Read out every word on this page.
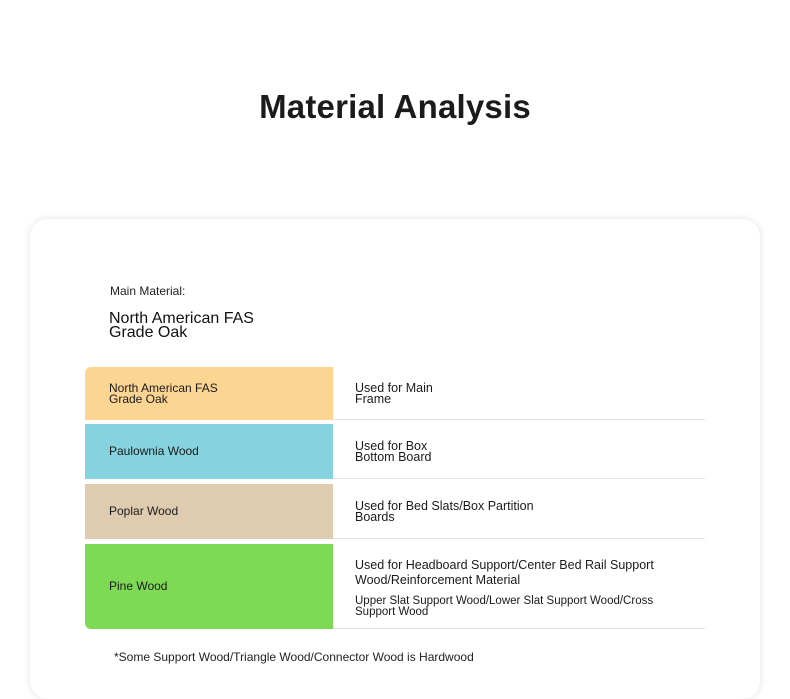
Material Analysis
Main Material:
North American FAS
Grade Oak
North American FAS
Grade Oak
Used for Main
Frame
Paulownia Wood	Used for Box
Bottom Board
Poplar Wood	Used for Bed Slats/Box Partition
Boards
Pine Wood
Used for Headboard Support/Center Bed Rail Support
Wood/Reinforcement Material
Upper Slat Support Wood/Lower Slat Support Wood/Cross
Support Wood
*Some Support Wood/Triangle Wood/Connector Wood is Hardwood
